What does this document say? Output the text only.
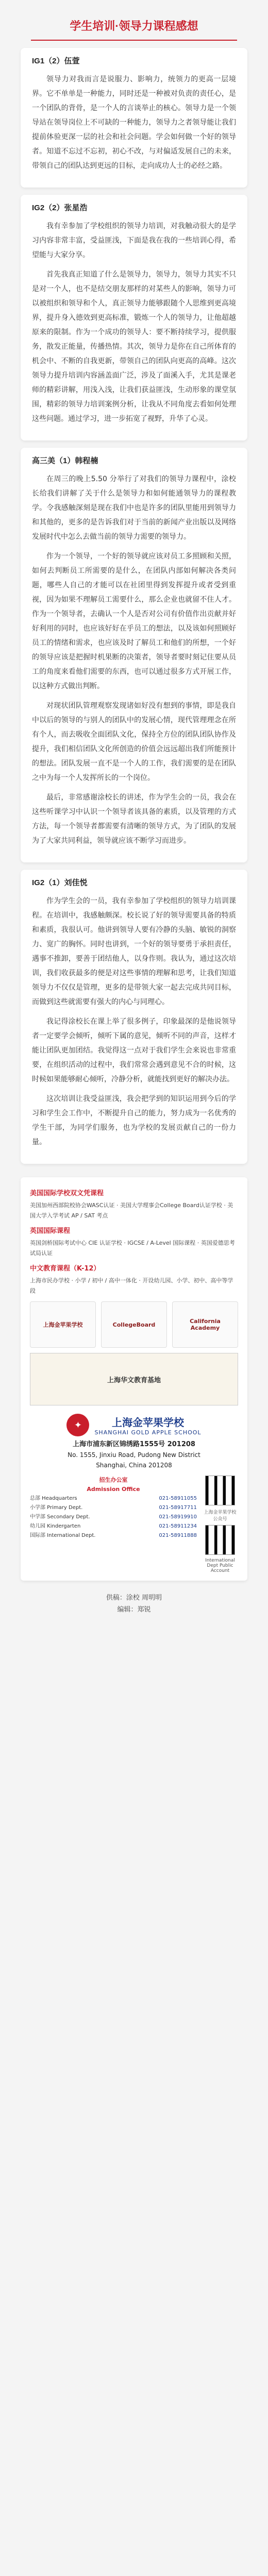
学生培训·领导力课程感想
IG1（2）伍萱

领导力对我而言是说服力、影响力，统领力的更高一层境界。它不单单是一种能力，同时还是一种被对负责的责任心，是一个团队的背骨，是一个人的言谈举止的核心。领导力是一个领导站在领导岗位上不可缺的一种能力，领导力之者领导能让我们提前体验更深一层的社会和社会问题。学会如何做一个好的领导者。知道不忘过不忘初，初心不改，与对偏适发展自己的未来，带领自己的团队达到更远的目标，走向成功人士的必经之路。

IG2（2）张星浩

我有幸参加了学校组织的领导力培训，对我触动很大的是学习内容非常丰富，受益匪浅，下面是我在我的一些培训心得，希望能与大家分享。

首先我真正知道了什么是领导力，领导力，领导力其实不只是对一个人，也不是结交朋友那样的对某些人的影响，领导力可以被组织和领导和个人，真正领导力能够跟随个人思维到更高境界，提升身入德效到更高标准，锻炼一个人的领导力，让他超越原来的限制。作为一个成功的领导人：要不断持续学习，提供服务，散发正能量，传播热情。其次，领导力是你在自己所体育的机会中、不断的自我更新，带领自己的团队向更高的高峰。这次领导力提升培训内容涵盖面广泛，涉及了面溪入手，尤其是课老师的精彩讲解，用浅入浅，让我们获益匪浅，生动形象的课堂氛围，精彩的领导力培训案例分析，让我从不同角度去看如何处理这些问题。通过学习，进一步拓宽了视野，升华了心灵。

高三美（1）韩程楠

在周三的晚上5.50 分举行了对我们的领导力课程中，涂校长给我们讲解了关于什么是领导力和如何能通领导力的课程教学。令我感触深刻是现在我们中也是许多的团队里能用到领导力和其他的，更多的是告诉我们对于当前的新闻产业出版以及网络发展时代中怎么去做当前的领导力需要的领导力。

作为一个领导，一个好的领导就应该对员工多照顾和关照，如何去判断员工所需要的是什么，在团队内部如何解决各类问题，哪些人自己的才能可以在社团里得到发挥提升或者受到重视，因为如果不理解员工需要什么，那么企业也就留不住人才。作为一个领导者，去确认一个人是否对公司有价值作出贡献并好好利用的同时，也应该好好在乎员工的想法，以及该如何照顾好员工的情绪和需求，也应该及时了解员工和他们的所想，一个好的领导应该是把握时机果断的决策者，领导者要时刻记住要从员工的角度来看他们需要的东西，也可以通过很多方式开展工作，以这种方式做出判断。

对现状团队管理观察发现诸如好没有想到的事情，即是我自中以后的领导的与别人的团队中的发展心情，现代管理理念在所有个人，而去吸收全面团队文化，保持全方位的团队团队协作及提升，我们相信团队文化所创造的价值会远远超出我们所能预计的想法。团队发展一直不是一个人的工作，我们需要的是在团队之中为每一个人发挥所长的一个岗位。

最后，非常感谢涂校长的讲述，作为学生会的一员，我会在这些听课学习中认识一个领导者该具备的素质，以及管理的方式方法，每一个领导者都需要有清晰的领导方式，为了团队的发展为了大家共同利益，领导就应该不断学习而进步。

IG2（1）刘佳悦

作为学生会的一员，我有幸参加了学校组织的领导力培训课程。在培训中，我感触颇深。校长说了好的领导需要具备的特质和素质，我很认可。他讲到领导人要有冷静的头脑、敏锐的洞察力、宽广的胸怀。同时也讲到，一个好的领导要勇于承担责任，遇事不推卸，要善于团结他人，以身作则。我认为，通过这次培训，我们收获最多的便是对这些事情的理解和思考，让我们知道领导力不仅仅是管理，更多的是带领大家一起去完成共同目标，而做到这些就需要有强大的内心与同理心。

我记得涂校长在课上举了很多例子，印象最深的是他说领导者一定要学会倾听，倾听下属的意见，倾听不同的声音，这样才能让团队更加团结。我觉得这一点对于我们学生会来说也非常重要，在组织活动的过程中，我们常常会遇到意见不合的时候，这时候如果能够耐心倾听，冷静分析，就能找到更好的解决办法。

这次培训让我受益匪浅，我会把学到的知识运用到今后的学习和学生会工作中，不断提升自己的能力，努力成为一名优秀的学生干部，为同学们服务，也为学校的发展贡献自己的一份力量。

美国国际学校双文凭课程
美国加州西部院校协会WASC认证 · 美国大学理事会College Board认证学校 · 美国大学入学考试 AP / SAT 考点
英国国际课程
英国剑桥国际考试中心 CIE 认证学校 · IGCSE / A-Level 国际课程 · 英国爱德思考试局认证
中文教育课程（K-12）
上海市民办学校 · 小学 / 初中 / 高中一体化 · 开设幼儿园、小学、初中、高中等学段
上海金苹果学校	CollegeBoard	California Academy
上海华文教育基地
✦	上海金苹果学校
SHANGHAI GOLD APPLE SCHOOL
上海市浦东新区锦绣路1555号 201208
No. 1555, Jinxiu Road, Pudong New District
Shanghai, China 201208
招生办公室
Admission Office
总部 Headquarters	021-58911055
小学部 Primary Dept.	021-58917711
中学部 Secondary Dept.	021-58919910
幼儿园 Kindergarten	021-58911234
国际部 International Dept.	021-58911888
上海金苹果学校 公众号
International Dept Public Account
供稿：涂校 周明明
编辑：郑锐
